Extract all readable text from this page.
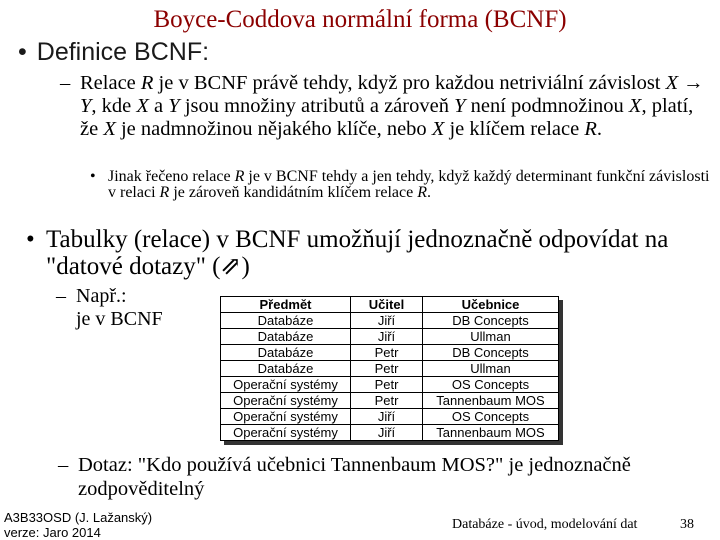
Boyce-Coddova normální forma (BCNF)
• Definice BCNF:
– Relace R je v BCNF právě tehdy, když pro každou netriviální závislost X → Y, kde X a Y jsou množiny atributů a zároveň Y není podmnožinou X, platí, že X je nadmnožinou nějakého klíče, nebo X je klíčem relace R.
• Jinak řečeno relace R je v BCNF tehdy a jen tehdy, když každý determinant funkční závislosti v relaci R je zároveň kandidátním klíčem relace R.
• Tabulky (relace) v BCNF umožňují jednoznačně odpovídat na "datové dotazy" (⇗)
– Např.:
je v BCNF
Předmět	Učitel	Učebnice
Databáze	Jiří	DB Concepts
Databáze	Jiří	Ullman
Databáze	Petr	DB Concepts
Databáze	Petr	Ullman
Operační systémy	Petr	OS Concepts
Operační systémy	Petr	Tannenbaum MOS
Operační systémy	Jiří	OS Concepts
Operační systémy	Jiří	Tannenbaum MOS
– Dotaz: "Kdo používá učebnici Tannenbaum MOS?" je jednoznačně zodpověditelný
A3B33OSD (J. Lažanský)
verze: Jaro 2014
Databáze - úvod, modelování dat	38
